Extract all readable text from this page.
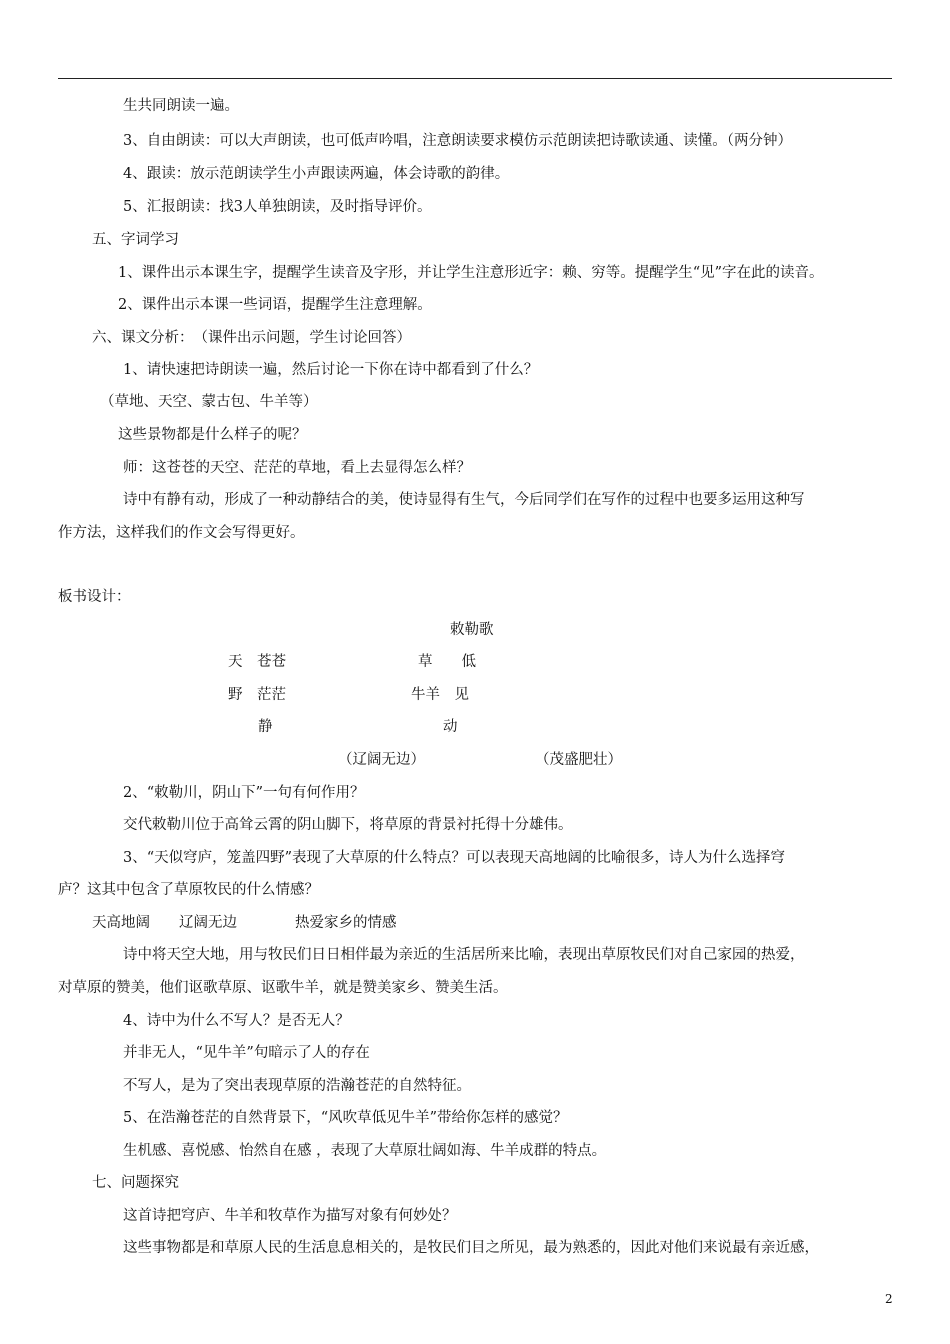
生共同朗读一遍。
3、自由朗读：可以大声朗读，也可低声吟唱，注意朗读要求模仿示范朗读把诗歌读通、读懂。（两分钟）
4、跟读：放示范朗读学生小声跟读两遍，体会诗歌的韵律。
5、汇报朗读：找3人单独朗读，及时指导评价。
五、字词学习
1、课件出示本课生字，提醒学生读音及字形，并让学生注意形近字：赖、穷等。提醒学生“见”字在此的读音。
2、课件出示本课一些词语，提醒学生注意理解。
六、课文分析：　（课件出示问题，学生讨论回答）
1、请快速把诗朗读一遍，然后讨论一下你在诗中都看到了什么？
（草地、天空、蒙古包、牛羊等）
这些景物都是什么样子的呢？
师：这苍苍的天空、茫茫的草地，看上去显得怎么样？
诗中有静有动，形成了一种动静结合的美，使诗显得有生气，今后同学们在写作的过程中也要多运用这种写
作方法，这样我们的作文会写得更好。
板书设计：
敕勒歌
天　苍苍	草　　低
野　茫茫	牛羊　见
静	动
（辽阔无边）	（茂盛肥壮）
2、“敕勒川，阴山下”一句有何作用？
交代敕勒川位于高耸云霄的阴山脚下，将草原的背景衬托得十分雄伟。
3、“天似穹庐，笼盖四野”表现了大草原的什么特点？可以表现天高地阔的比喻很多，诗人为什么选择穹
庐？这其中包含了草原牧民的什么情感？
天高地阔　　辽阔无边　　　　热爱家乡的情感
诗中将天空大地，用与牧民们日日相伴最为亲近的生活居所来比喻，表现出草原牧民们对自己家园的热爱，
对草原的赞美，他们讴歌草原、讴歌牛羊，就是赞美家乡、赞美生活。
4、诗中为什么不写人？是否无人？
并非无人，“见牛羊”句暗示了人的存在
不写人，是为了突出表现草原的浩瀚苍茫的自然特征。
5、在浩瀚苍茫的自然背景下，“风吹草低见牛羊”带给你怎样的感觉？
生机感、喜悦感、怡然自在感 ，表现了大草原壮阔如海、牛羊成群的特点。
七、问题探究
这首诗把穹庐、牛羊和牧草作为描写对象有何妙处？
这些事物都是和草原人民的生活息息相关的，是牧民们目之所见，最为熟悉的，因此对他们来说最有亲近感，
2
